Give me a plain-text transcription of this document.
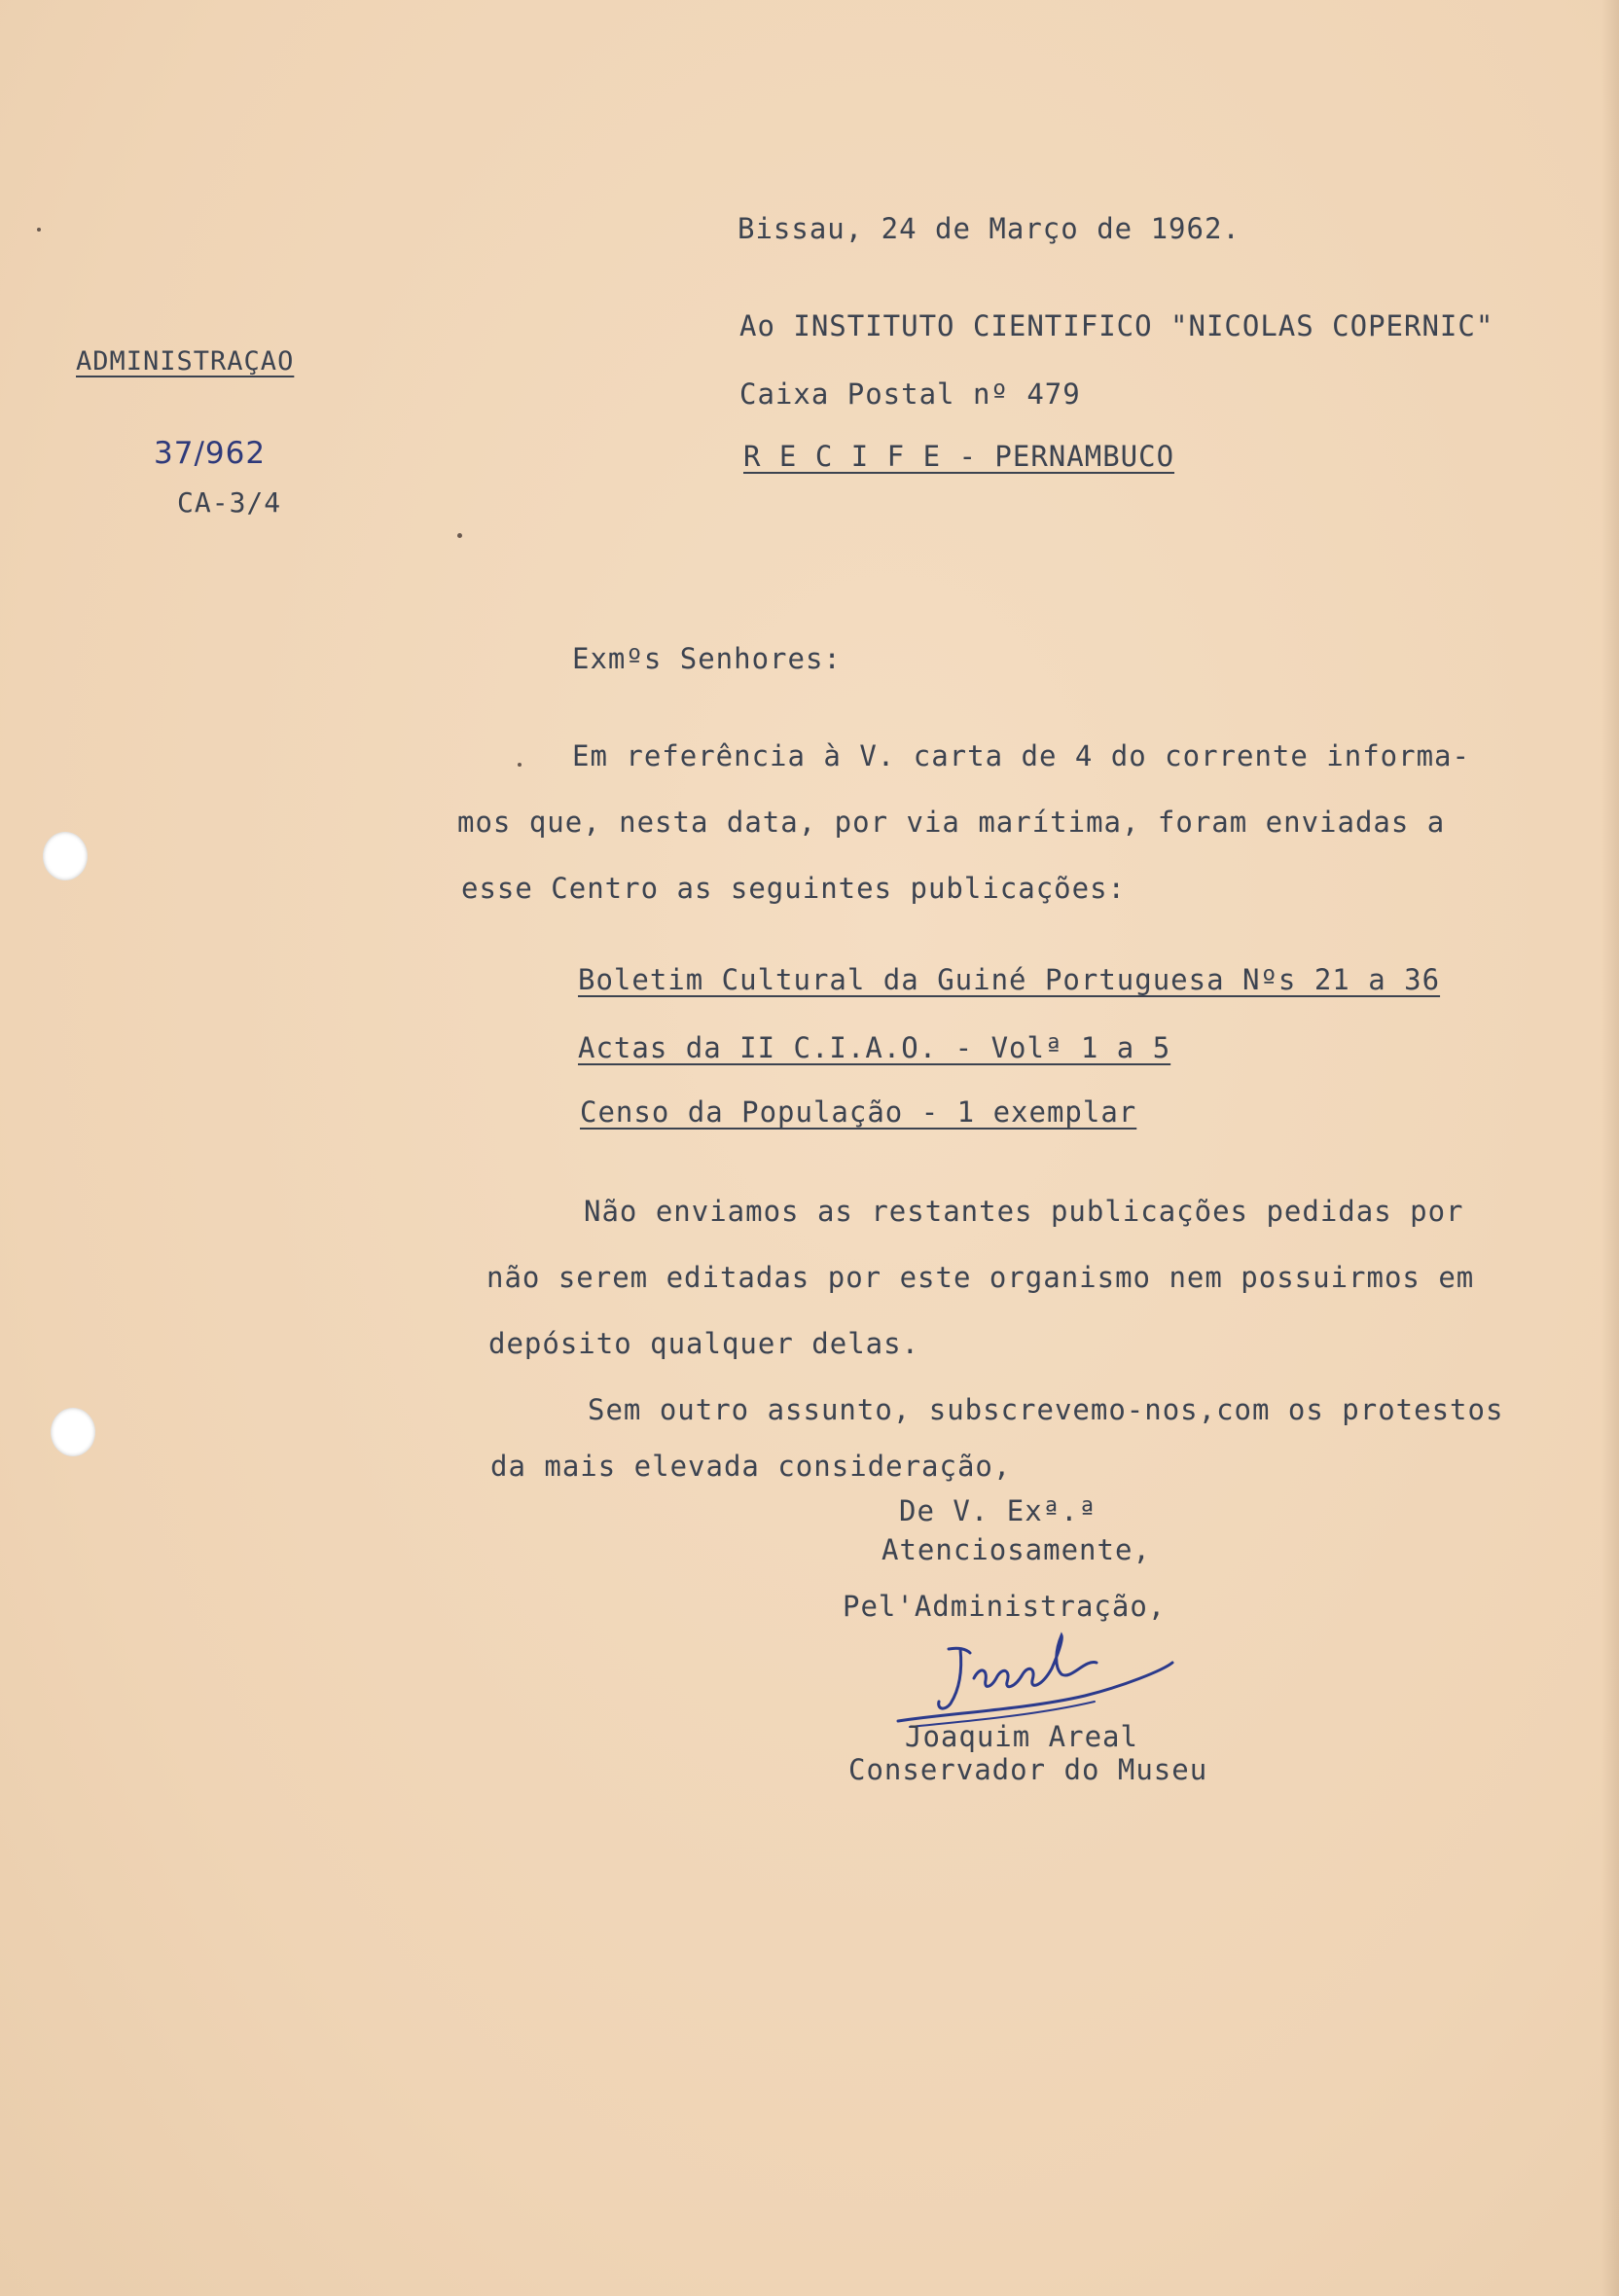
Bissau, 24 de Março de 1962.
Ao INSTITUTO CIENTIFICO "NICOLAS COPERNIC"
Caixa Postal nº 479
R E C I F E - PERNAMBUCO
ADMINISTRAÇAO
37/962
CA-3/4
Exmºs Senhores:
Em referência à V. carta de 4 do corrente informa-
mos que, nesta data, por via marítima, foram enviadas a
esse Centro as seguintes publicações:
Boletim Cultural da Guiné Portuguesa Nºs 21 a 36
Actas da II C.I.A.O. - Volª 1 a 5
Censo da População - 1 exemplar
Não enviamos as restantes publicações pedidas por
não serem editadas por este organismo nem possuirmos em
depósito qualquer delas.
Sem outro assunto, subscrevemo-nos,com os protestos
da mais elevada consideração,
De V. Exª.ª
Atenciosamente,
Pel'Administração,
Joaquim Areal
Conservador do Museu
